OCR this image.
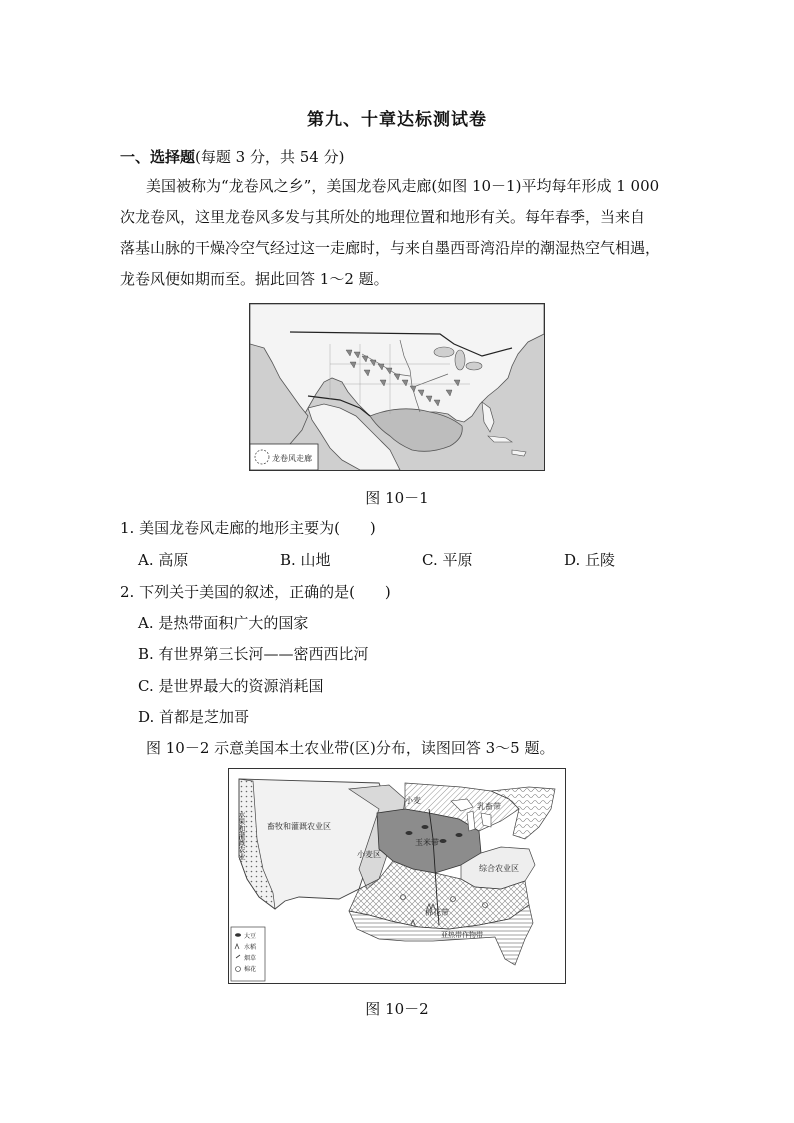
第九、十章达标测试卷
一、选择题(每题 3 分，共 54 分)
美国被称为“龙卷风之乡”，美国龙卷风走廊(如图 10－1)平均每年形成 1 000
次龙卷风，这里龙卷风多发与其所处的地理位置和地形有关。每年春季，当来自
落基山脉的干燥冷空气经过这一走廊时，与来自墨西哥湾沿岸的潮湿热空气相遇，
龙卷风便如期而至。据此回答 1～2 题。
龙卷风走廊
图 10－1
1. 美国龙卷风走廊的地形主要为(　　)
A. 高原	B. 山地	C. 平原	D. 丘陵
2. 下列关于美国的叙述，正确的是(　　)
A. 是热带面积广大的国家
B. 有世界第三长河——密西西比河
C. 是世界最大的资源消耗国
D. 首都是芝加哥
图 10－2 示意美国本土农业带(区)分布，读图回答 3～5 题。
畜牧和灌溉农业区
水果和灌溉农业
小麦
乳畜带
玉米带
小麦区
综合农业区
棉花带
亚热带作物带
大豆
水稻
烟草
棉花
图 10－2
